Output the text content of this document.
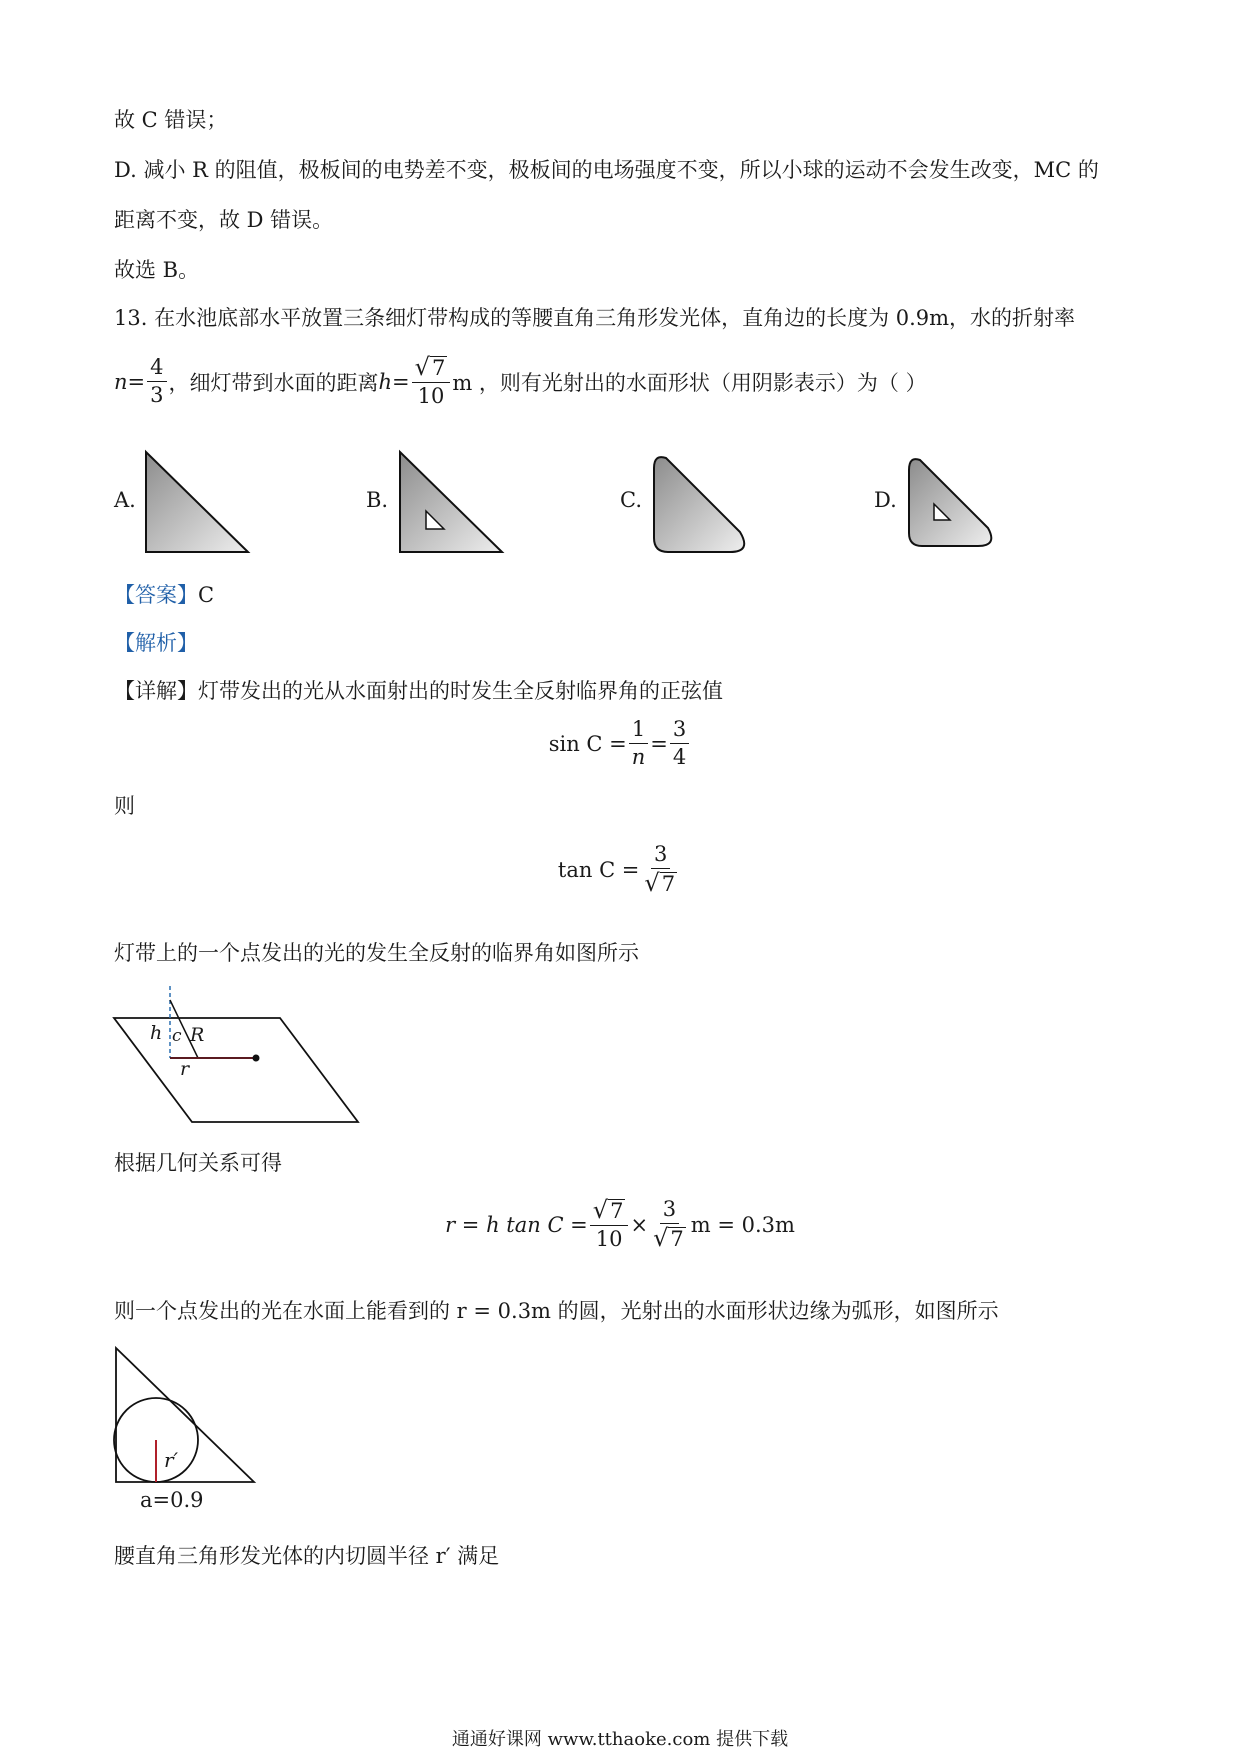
故 C 错误；
D. 减小 R 的阻值，极板间的电势差不变，极板间的电场强度不变，所以小球的运动不会发生改变，MC 的
距离不变，故 D 错误。
故选 B。
13. 在水池底部水平放置三条细灯带构成的等腰直角三角形发光体，直角边的长度为 0.9m，水的折射率
$n = \frac{4}{3}$ ，细灯带到水面的距离 $h = \frac{√ 7}{10}$ m ，则有光射出的水面形状（用阴影表示）为（ ）
A.	B.	C.	D.
【答案】C
【解析】
【详解】灯带发出的光从水面射出的时发生全反射临界角的正弦值
$\sin C = \frac{1}{n} = \frac{3}{4}$
则
$\tan C = \frac{3}{√ 7}$
灯带上的一个点发出的光的发生全反射的临界角如图所示
h c R
r
根据几何关系可得
r = h $\tan C = \frac{√ 7}{10} \times \frac{3}{√ 7}$ m = 0.3m
则一个点发出的光在水面上能看到的 r = 0.3m 的圆，光射出的水面形状边缘为弧形，如图所示
r′
a=0.9
腰直角三角形发光体的内切圆半径 r′ 满足
通通好课网 www.tthaoke.com 提供下载
